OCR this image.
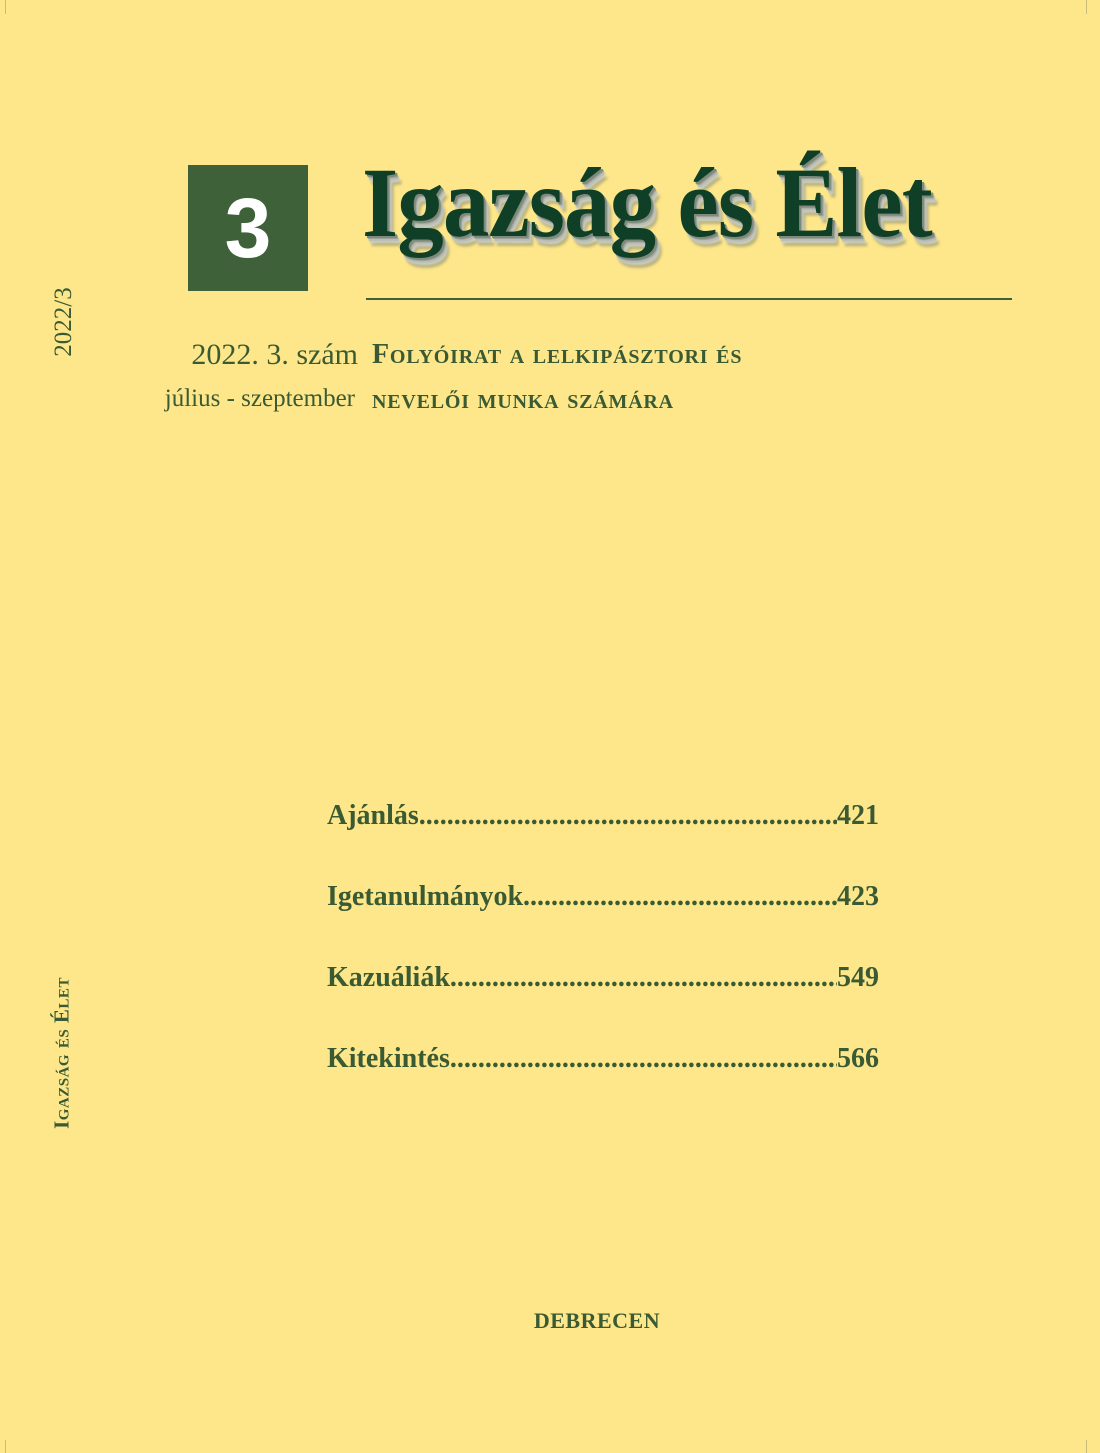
2022/3
Igazság és Élet
3 Igazság és Élet
2022. 3. szám
július - szeptember
Folyóirat a lelkipásztori és
nevelői munka számára
Ajánlás .....	421
Igetanulmányok .....	423
Kazuáliák .....	549
Kitekintés .....	566
DEBRECEN
